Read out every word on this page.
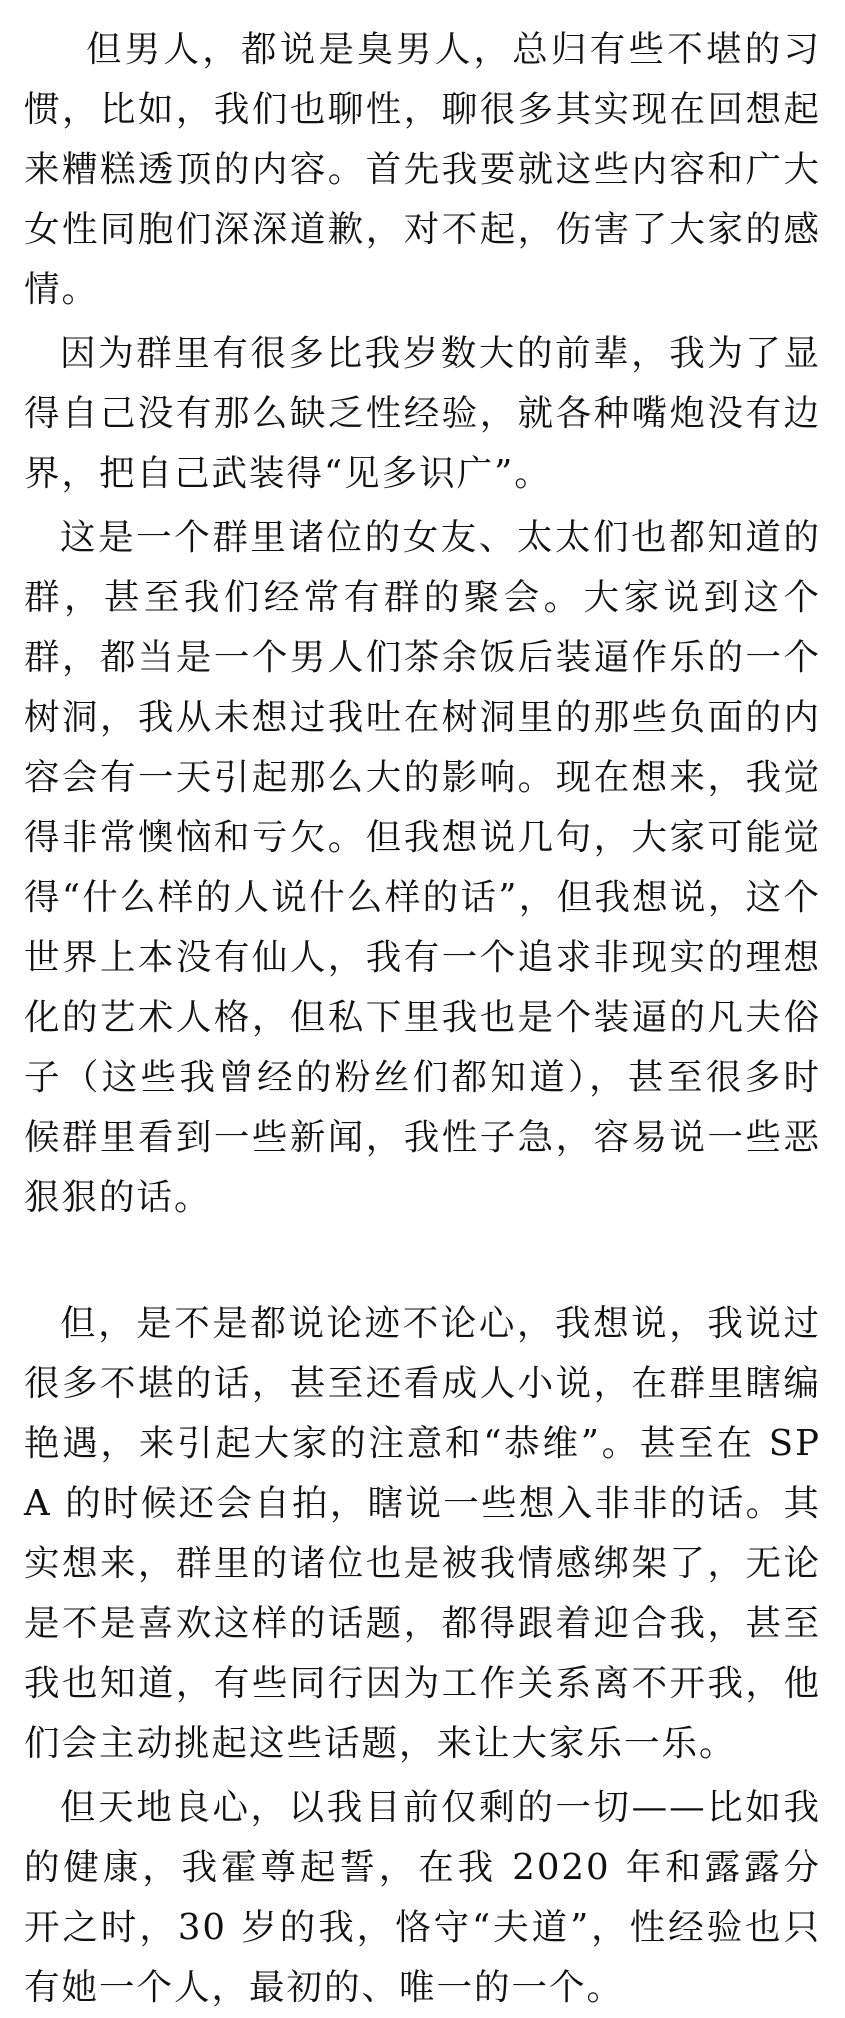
但男人，都说是臭男人，总归有些不堪的习惯，比如，我们也聊性，聊很多其实现在回想起来糟糕透顶的内容。首先我要就这些内容和广大女性同胞们深深道歉，对不起，伤害了大家的感情。

因为群里有很多比我岁数大的前辈，我为了显得自己没有那么缺乏性经验，就各种嘴炮没有边界，把自己武装得“见多识广”。

这是一个群里诸位的女友、太太们也都知道的群，甚至我们经常有群的聚会。大家说到这个群，都当是一个男人们茶余饭后装逼作乐的一个树洞，我从未想过我吐在树洞里的那些负面的内容会有一天引起那么大的影响。现在想来，我觉得非常懊恼和亏欠。但我想说几句，大家可能觉得“什么样的人说什么样的话”，但我想说，这个世界上本没有仙人，我有一个追求非现实的理想化的艺术人格，但私下里我也是个装逼的凡夫俗子（这些我曾经的粉丝们都知道），甚至很多时候群里看到一些新闻，我性子急，容易说一些恶狠狠的话。

但，是不是都说论迹不论心，我想说，我说过很多不堪的话，甚至还看成人小说，在群里瞎编艳遇，来引起大家的注意和“恭维”。甚至在 SPA 的时候还会自拍，瞎说一些想入非非的话。其实想来，群里的诸位也是被我情感绑架了，无论是不是喜欢这样的话题，都得跟着迎合我，甚至我也知道，有些同行因为工作关系离不开我，他们会主动挑起这些话题，来让大家乐一乐。

但天地良心，以我目前仅剩的一切——比如我的健康，我霍尊起誓，在我 2020 年和露露分开之时，30 岁的我，恪守“夫道”，性经验也只有她一个人，最初的、唯一的一个。
